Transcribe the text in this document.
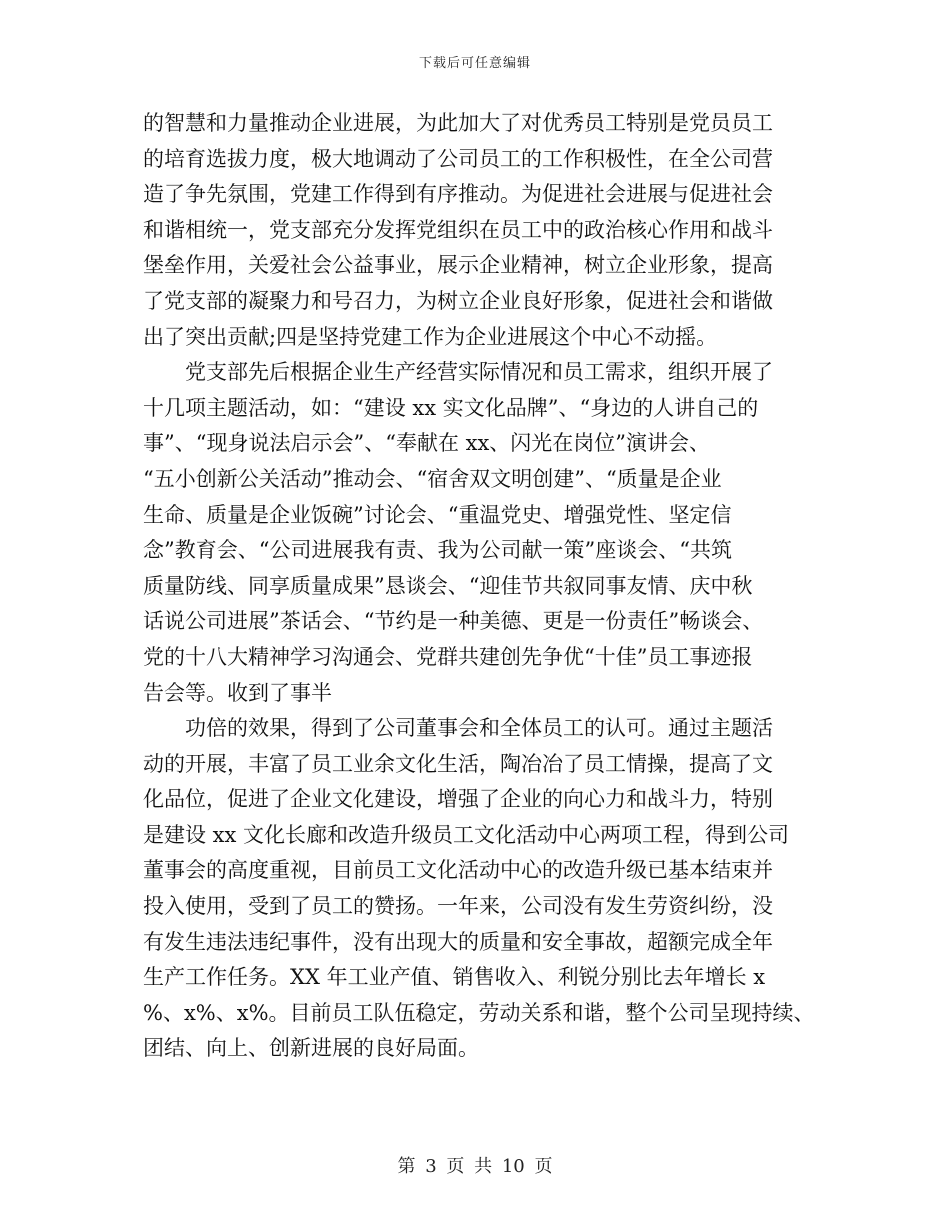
下载后可任意编辑
的智慧和力量推动企业进展，为此加大了对优秀员工特别是党员员工
的培育选拔力度，极大地调动了公司员工的工作积极性，在全公司营
造了争先氛围，党建工作得到有序推动。为促进社会进展与促进社会
和谐相统一，党支部充分发挥党组织在员工中的政治核心作用和战斗
堡垒作用，关爱社会公益事业，展示企业精神，树立企业形象，提高
了党支部的凝聚力和号召力，为树立企业良好形象，促进社会和谐做
出了突出贡献;四是坚持党建工作为企业进展这个中心不动摇。
党支部先后根据企业生产经营实际情况和员工需求，组织开展了
十几项主题活动，如：“建设 xx 实文化品牌”、“身边的人讲自己的
事”、“现身说法启示会”、“奉献在 xx、闪光在岗位”演讲会、
“五小创新公关活动”推动会、“宿舍双文明创建”、“质量是企业
生命、质量是企业饭碗”讨论会、“重温党史、增强党性、坚定信
念”教育会、“公司进展我有责、我为公司献一策”座谈会、“共筑
质量防线、同享质量成果”恳谈会、“迎佳节共叙同事友情、庆中秋
话说公司进展”茶话会、“节约是一种美德、更是一份责任”畅谈会、
党的十八大精神学习沟通会、党群共建创先争优“十佳”员工事迹报
告会等。收到了事半
功倍的效果，得到了公司董事会和全体员工的认可。通过主题活
动的开展，丰富了员工业余文化生活，陶冶冶了员工情操，提高了文
化品位，促进了企业文化建设，增强了企业的向心力和战斗力，特别
是建设 xx 文化长廊和改造升级员工文化活动中心两项工程，得到公司
董事会的高度重视，目前员工文化活动中心的改造升级已基本结束并
投入使用，受到了员工的赞扬。一年来，公司没有发生劳资纠纷，没
有发生违法违纪事件，没有出现大的质量和安全事故，超额完成全年
生产工作任务。XX 年工业产值、销售收入、利锐分别比去年增长 x
%、x%、x%。目前员工队伍稳定，劳动关系和谐，整个公司呈现持续、
团结、向上、创新进展的良好局面。
第 3 页 共 10 页
